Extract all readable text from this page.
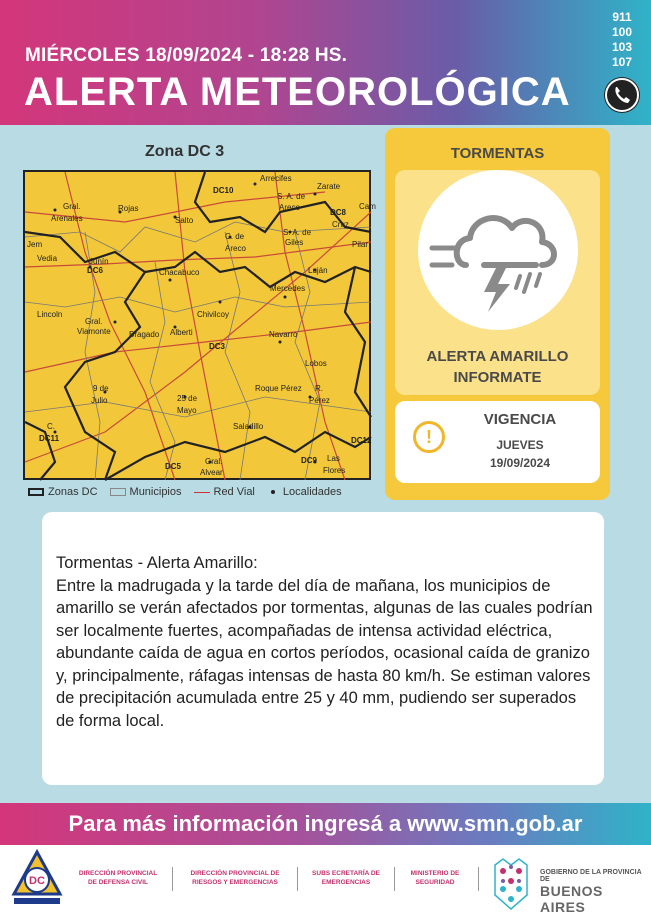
MIÉRCOLES 18/09/2024 - 18:28 HS.
ALERTA METEOROLÓGICA
911
100
103
107
Zona DC 3
DC10
Arrecifes
Zarate
Gral.
Arenales
Rojas
S. A. de
Areco
DC8
Salto
Cam
Cruz
Pilar
Jem
Vedia
C. de
Areco
S. A. de
Giles
Junín
DC6	Chacabuco	Luján
Mercedes
Lincoln	Chivilcoy
Gral.
Viamonte Bragado Alberti
DC3
Navarro
Lobos
9 de
Julio	25 de
Mayo
Roque Pérez R.
Pérez
C.
DC11
Saladillo
DC5
Gral.
Alvear
DC9
DC12
Las
Flores
Zonas DC	Municipios	Red Vial	Localidades
TORMENTAS
ALERTA AMARILLO
INFORMATE
!
VIGENCIA
JUEVES
19/09/2024
Tormentas - Alerta Amarillo:
Entre la madrugada y la tarde del día de mañana, los municipios de amarillo se verán afectados por tormentas, algunas de las cuales podrían ser localmente fuertes, acompañadas de intensa actividad eléctrica, abundante caída de agua en cortos períodos, ocasional caída de granizo y, principalmente, ráfagas intensas de hasta 80 km/h. Se estiman valores de precipitación acumulada entre 25 y 40 mm, pudiendo ser superados de forma local.
Para más información ingresá a www.smn.gob.ar
DC
DIRECCIÓN PROVINCIAL
DE DEFENSA CIVIL
DIRECCIÓN PROVINCIAL DE
RIESGOS Y EMERGENCIAS
SUBS ECRETARÍA DE
EMERGENCIAS
MINISTERIO DE
SEGURIDAD
GOBIERNO DE LA PROVINCIA DE
BUENOS AIRES
